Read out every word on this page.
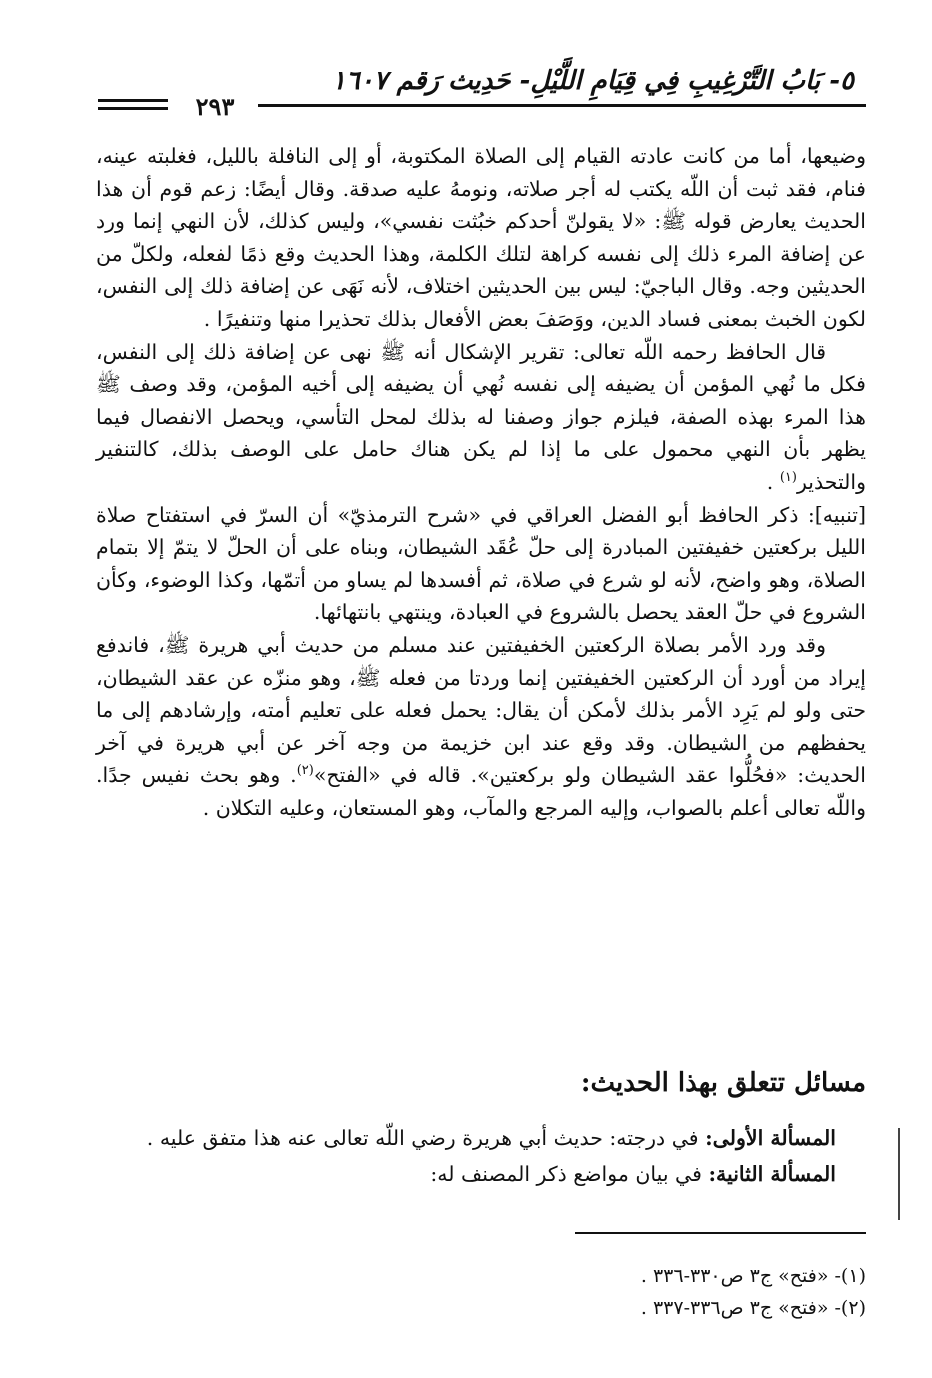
٥- بَابُ التَّرْغِيبِ فِي قِيَامِ اللَّيْلِ- حَدِيث رَقم ١٦٠٧
٢٩٣

وضيعها، أما من كانت عادته القيام إلى الصلاة المكتوبة، أو إلى النافلة بالليل، فغلبته عينه، فنام، فقد ثبت أن اللّه يكتب له أجر صلاته، ونومهُ عليه صدقة. وقال أيضًا: زعم قوم أن هذا الحديث يعارض قوله ﷺ: «لا يقولنّ أحدكم خبُثت نفسي»، وليس كذلك، لأن النهي إنما ورد عن إضافة المرء ذلك إلى نفسه كراهة لتلك الكلمة، وهذا الحديث وقع ذمًا لفعله، ولكلّ من الحديثين وجه. وقال الباجيّ: ليس بين الحديثين اختلاف، لأنه نَهَى عن إضافة ذلك إلى النفس، لكون الخبث بمعنى فساد الدين، ووَصَفَ بعض الأفعال بذلك تحذيرا منها وتنفيرًا .

قال الحافظ رحمه اللّه تعالى: تقرير الإشكال أنه ﷺ نهى عن إضافة ذلك إلى النفس، فكل ما نُهي المؤمن أن يضيفه إلى نفسه نُهي أن يضيفه إلى أخيه المؤمن، وقد وصف ﷺ هذا المرء بهذه الصفة، فيلزم جواز وصفنا له بذلك لمحل التأسي، ويحصل الانفصال فيما يظهر بأن النهي محمول على ما إذا لم يكن هناك حامل على الوصف بذلك، كالتنفير والتحذير$^{(١)}$ .

[تنبيه]: ذكر الحافظ أبو الفضل العراقي في «شرح الترمذيّ» أن السرّ في استفتاح صلاة الليل بركعتين خفيفتين المبادرة إلى حلّ عُقَد الشيطان، وبناه على أن الحلّ لا يتمّ إلا بتمام الصلاة، وهو واضح، لأنه لو شرع في صلاة، ثم أفسدها لم يساو من أتمّها، وكذا الوضوء، وكأن الشروع في حلّ العقد يحصل بالشروع في العبادة، وينتهي بانتهائها.

وقد ورد الأمر بصلاة الركعتين الخفيفتين عند مسلم من حديث أبي هريرة ﷺ، فاندفع إيراد من أورد أن الركعتين الخفيفتين إنما وردتا من فعله ﷺ، وهو منزّه عن عقد الشيطان، حتى ولو لم يَرِد الأمر بذلك لأمكن أن يقال: يحمل فعله على تعليم أمته، وإرشادهم إلى ما يحفظهم من الشيطان. وقد وقع عند ابن خزيمة من وجه آخر عن أبي هريرة في آخر الحديث: «فحُلُّوا عقد الشيطان ولو بركعتين». قاله في «الفتح»$^{(٢)}$. وهو بحث نفيس جدًا. واللّه تعالى أعلم بالصواب، وإليه المرجع والمآب، وهو المستعان، وعليه التكلان .

مسائل تتعلق بهذا الحديث:

المسألة الأولى: في درجته: حديث أبي هريرة رضي اللّه تعالى عنه هذا متفق عليه .

المسألة الثانية: في بيان مواضع ذكر المصنف له:

(١)- «فتح» ج٣ ص٣٣٠-٣٣٦ .

(٢)- «فتح» ج٣ ص٣٣٦-٣٣٧ .
